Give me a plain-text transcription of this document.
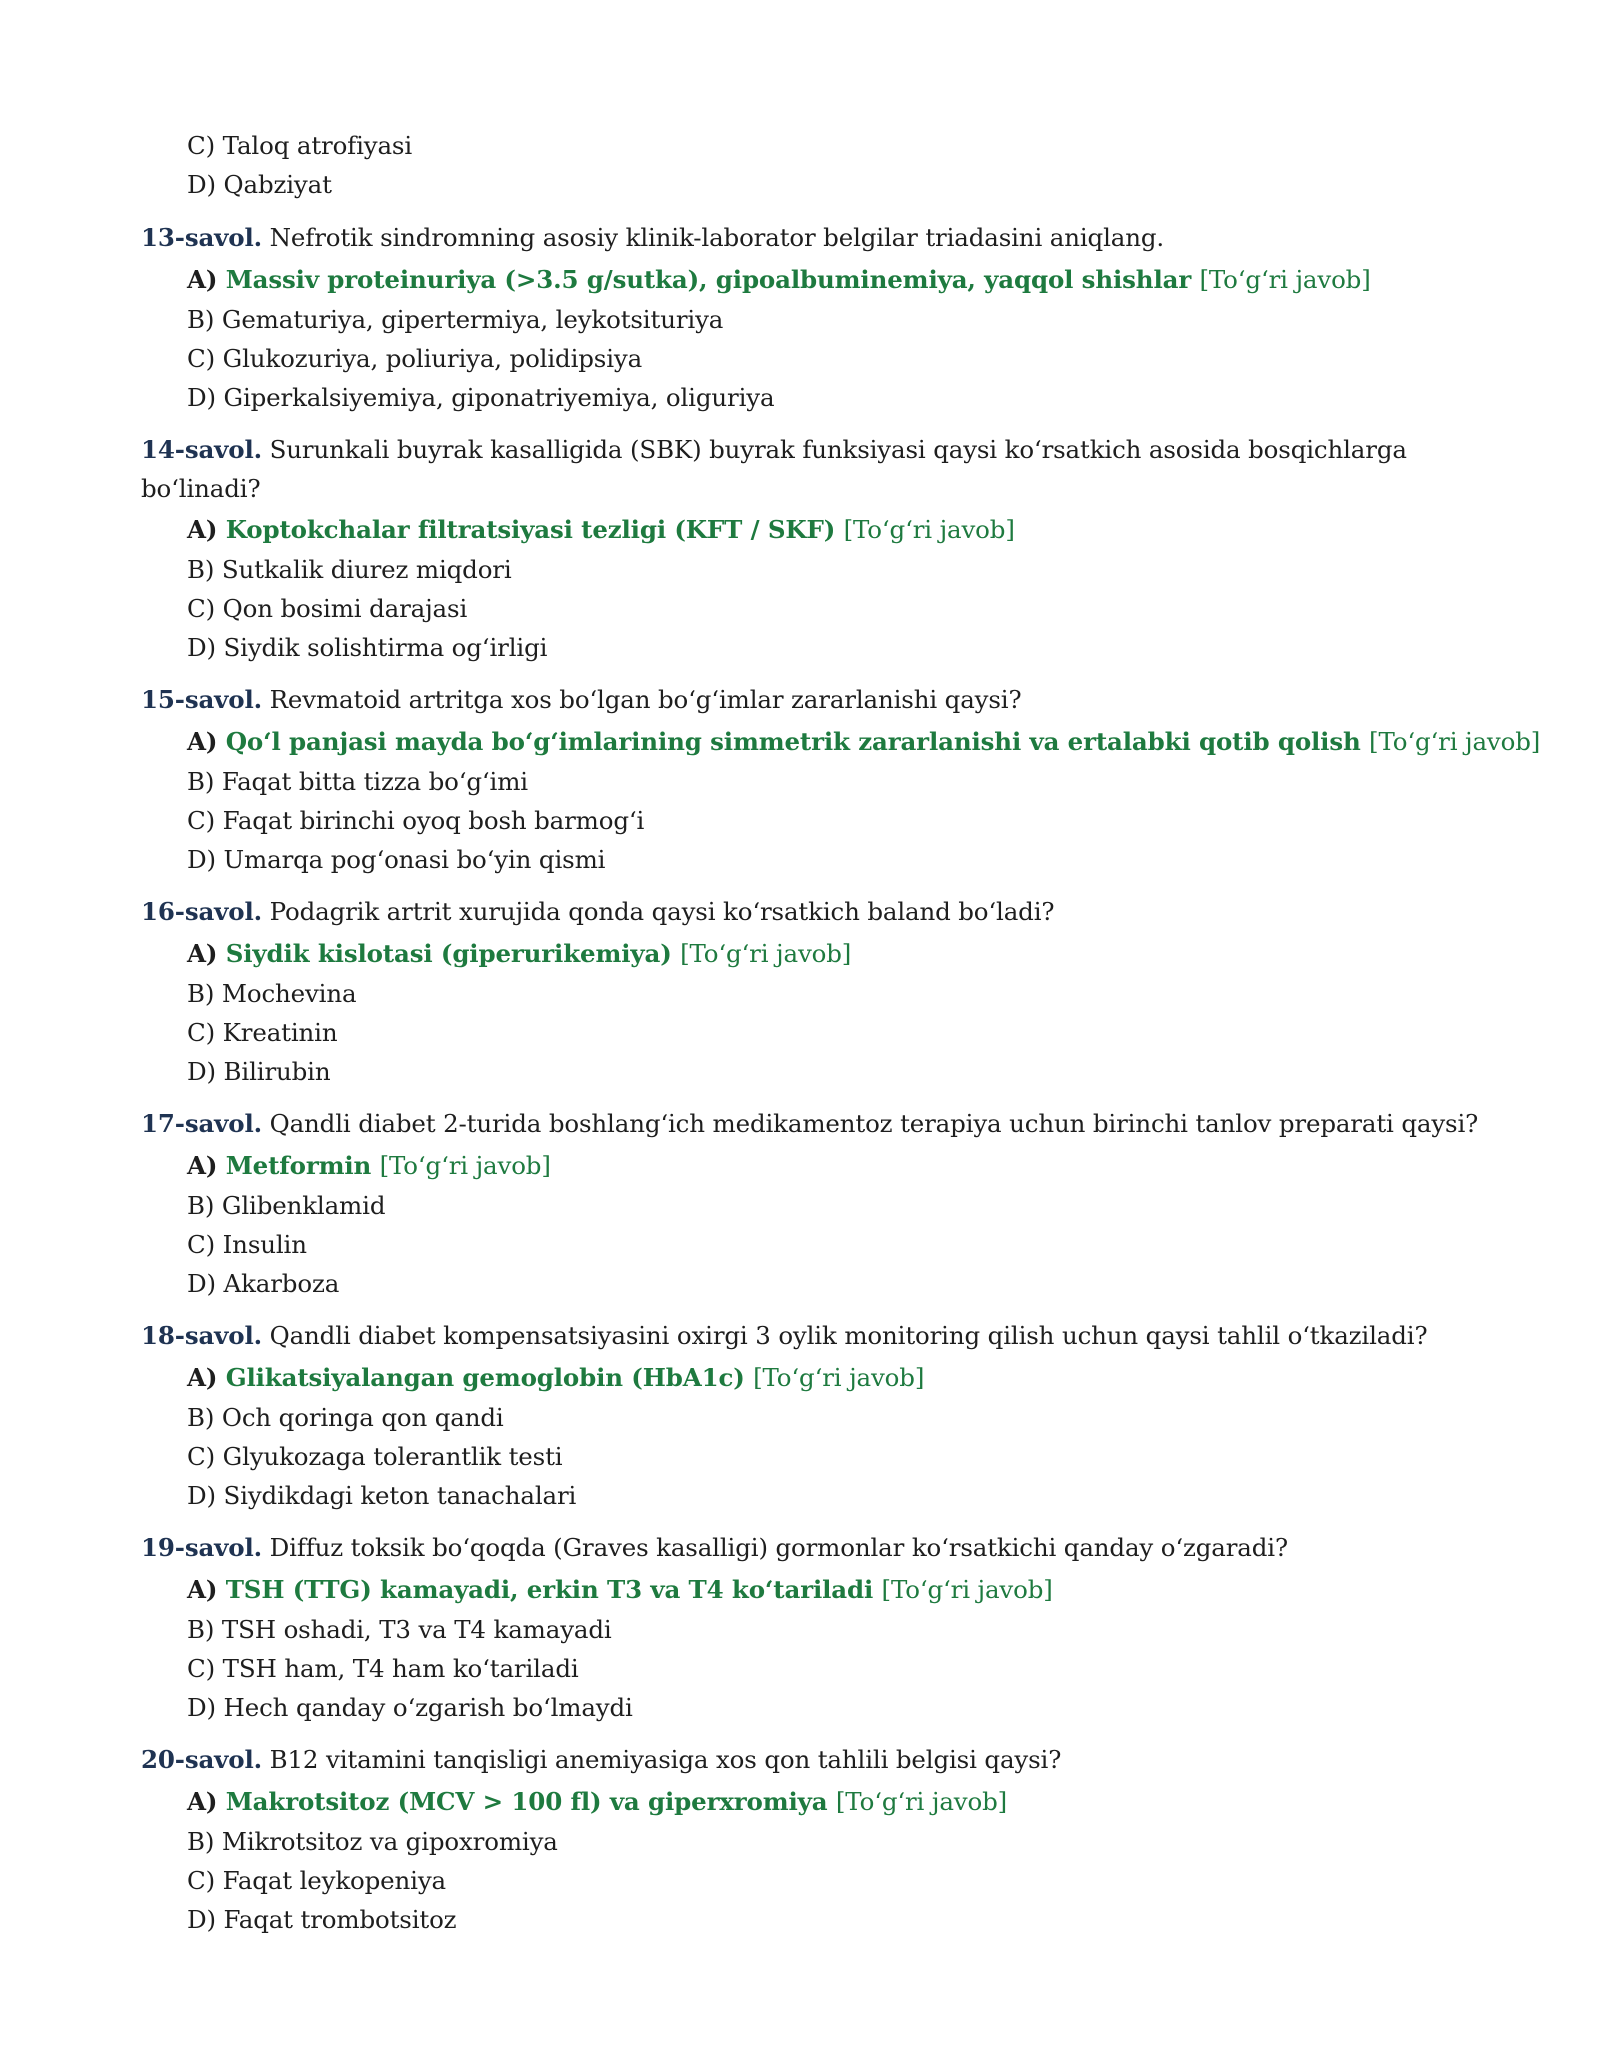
C) Taloq atrofiyasi
D) Qabziyat
13-savol. Nefrotik sindromning asosiy klinik-laborator belgilar triadasini aniqlang.
A) Massiv proteinuriya (>3.5 g/sutka), gipoalbuminemiya, yaqqol shishlar [To‘g‘ri javob]
B) Gematuriya, gipertermiya, leykotsituriya
C) Glukozuriya, poliuriya, polidipsiya
D) Giperkalsiyemiya, giponatriyemiya, oliguriya
14-savol. Surunkali buyrak kasalligida (SBK) buyrak funksiyasi qaysi ko‘rsatkich asosida bosqichlarga
bo‘linadi?
A) Koptokchalar filtratsiyasi tezligi (KFT / SKF) [To‘g‘ri javob]
B) Sutkalik diurez miqdori
C) Qon bosimi darajasi
D) Siydik solishtirma og‘irligi
15-savol. Revmatoid artritga xos bo‘lgan bo‘g‘imlar zararlanishi qaysi?
A) Qo‘l panjasi mayda bo‘g‘imlarining simmetrik zararlanishi va ertalabki qotib qolish [To‘g‘ri javob]
B) Faqat bitta tizza bo‘g‘imi
C) Faqat birinchi oyoq bosh barmog‘i
D) Umarqa pog‘onasi bo‘yin qismi
16-savol. Podagrik artrit xurujida qonda qaysi ko‘rsatkich baland bo‘ladi?
A) Siydik kislotasi (giperurikemiya) [To‘g‘ri javob]
B) Mochevina
C) Kreatinin
D) Bilirubin
17-savol. Qandli diabet 2-turida boshlang‘ich medikamentoz terapiya uchun birinchi tanlov preparati qaysi?
A) Metformin [To‘g‘ri javob]
B) Glibenklamid
C) Insulin
D) Akarboza
18-savol. Qandli diabet kompensatsiyasini oxirgi 3 oylik monitoring qilish uchun qaysi tahlil o‘tkaziladi?
A) Glikatsiyalangan gemoglobin (HbA1c) [To‘g‘ri javob]
B) Och qoringa qon qandi
C) Glyukozaga tolerantlik testi
D) Siydikdagi keton tanachalari
19-savol. Diffuz toksik bo‘qoqda (Graves kasalligi) gormonlar ko‘rsatkichi qanday o‘zgaradi?
A) TSH (TTG) kamayadi, erkin T3 va T4 ko‘tariladi [To‘g‘ri javob]
B) TSH oshadi, T3 va T4 kamayadi
C) TSH ham, T4 ham ko‘tariladi
D) Hech qanday o‘zgarish bo‘lmaydi
20-savol. B12 vitamini tanqisligi anemiyasiga xos qon tahlili belgisi qaysi?
A) Makrotsitoz (MCV > 100 fl) va giperxromiya [To‘g‘ri javob]
B) Mikrotsitoz va gipoxromiya
C) Faqat leykopeniya
D) Faqat trombotsitoz
